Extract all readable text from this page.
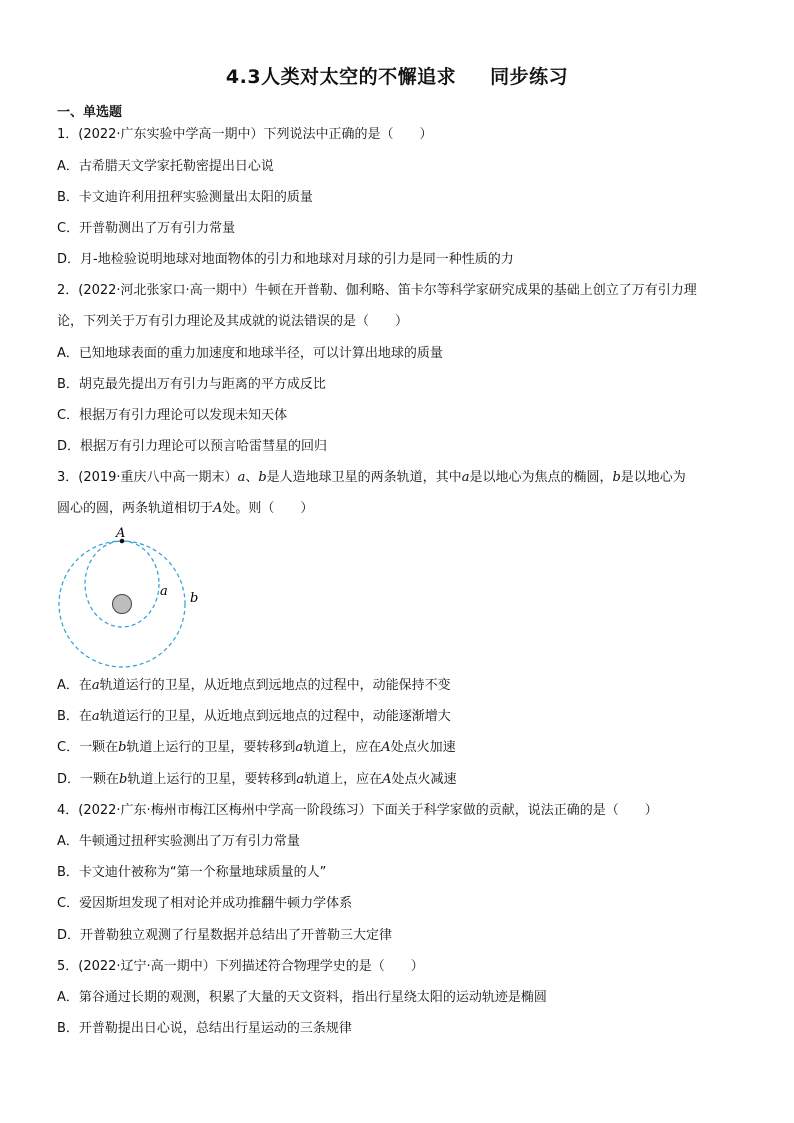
4.3人类对太空的不懈追求 同步练习
一、单选题
1．(2022·广东实验中学高一期中）下列说法中正确的是（　　）
A．古希腊天文学家托勒密提出日心说
B．卡文迪许利用扭秤实验测量出太阳的质量
C．开普勒测出了万有引力常量
D．月-地检验说明地球对地面物体的引力和地球对月球的引力是同一种性质的力
2．(2022·河北张家口·高一期中）牛顿在开普勒、伽利略、笛卡尔等科学家研究成果的基础上创立了万有引力理
论，下列关于万有引力理论及其成就的说法错误的是（　　）
A．已知地球表面的重力加速度和地球半径，可以计算出地球的质量
B．胡克最先提出万有引力与距离的平方成反比
C．根据万有引力理论可以发现未知天体
D．根据万有引力理论可以预言哈雷彗星的回归
3．(2019·重庆八中高一期末）a、b是人造地球卫星的两条轨道，其中a是以地心为焦点的椭圆，b是以地心为
圆心的圆，两条轨道相切于A处。则（　　）
A
a b
A．在a轨道运行的卫星，从近地点到远地点的过程中，动能保持不变
B．在a轨道运行的卫星，从近地点到远地点的过程中，动能逐渐增大
C．一颗在b轨道上运行的卫星，要转移到a轨道上，应在A处点火加速
D．一颗在b轨道上运行的卫星，要转移到a轨道上，应在A处点火减速
4．(2022·广东·梅州市梅江区梅州中学高一阶段练习）下面关于科学家做的贡献，说法正确的是（　　）
A．牛顿通过扭秤实验测出了万有引力常量
B．卡文迪什被称为“第一个称量地球质量的人”
C．爱因斯坦发现了相对论并成功推翻牛顿力学体系
D．开普勒独立观测了行星数据并总结出了开普勒三大定律
5．(2022·辽宁·高一期中）下列描述符合物理学史的是（　　）
A．第谷通过长期的观测，积累了大量的天文资料，指出行星绕太阳的运动轨迹是椭圆
B．开普勒提出日心说，总结出行星运动的三条规律
